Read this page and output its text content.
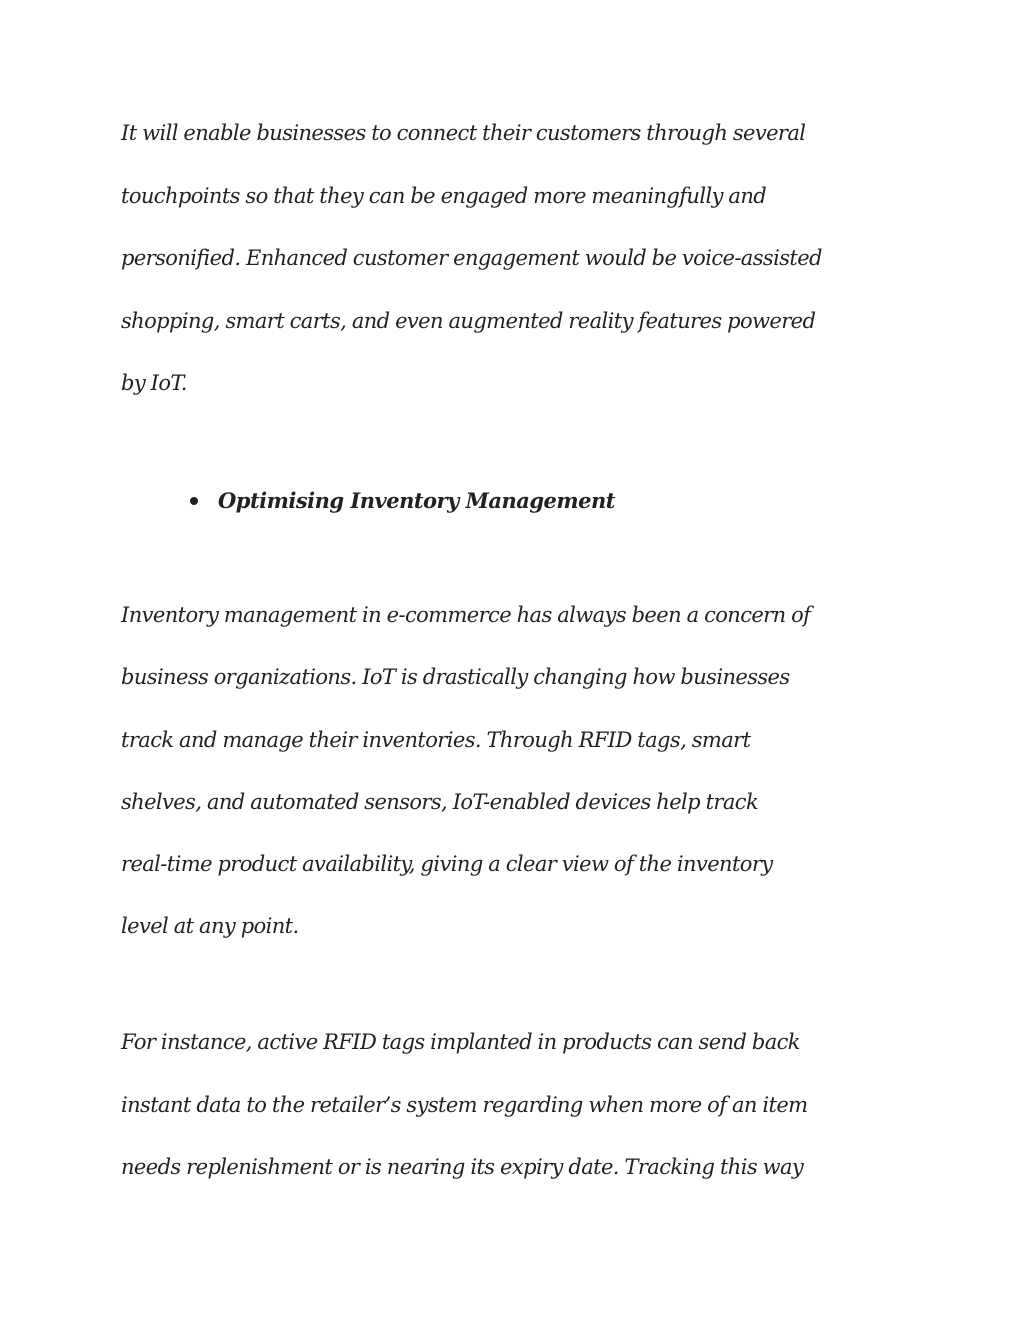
It will enable businesses to connect their customers through several

touchpoints so that they can be engaged more meaningfully and

personified. Enhanced customer engagement would be voice-assisted

shopping, smart carts, and even augmented reality features powered

by IoT.

Optimising Inventory Management

Inventory management in e-commerce has always been a concern of

business organizations. IoT is drastically changing how businesses

track and manage their inventories. Through RFID tags, smart

shelves, and automated sensors, IoT-enabled devices help track

real-time product availability, giving a clear view of the inventory

level at any point.

For instance, active RFID tags implanted in products can send back

instant data to the retailer’s system regarding when more of an item

needs replenishment or is nearing its expiry date. Tracking this way
